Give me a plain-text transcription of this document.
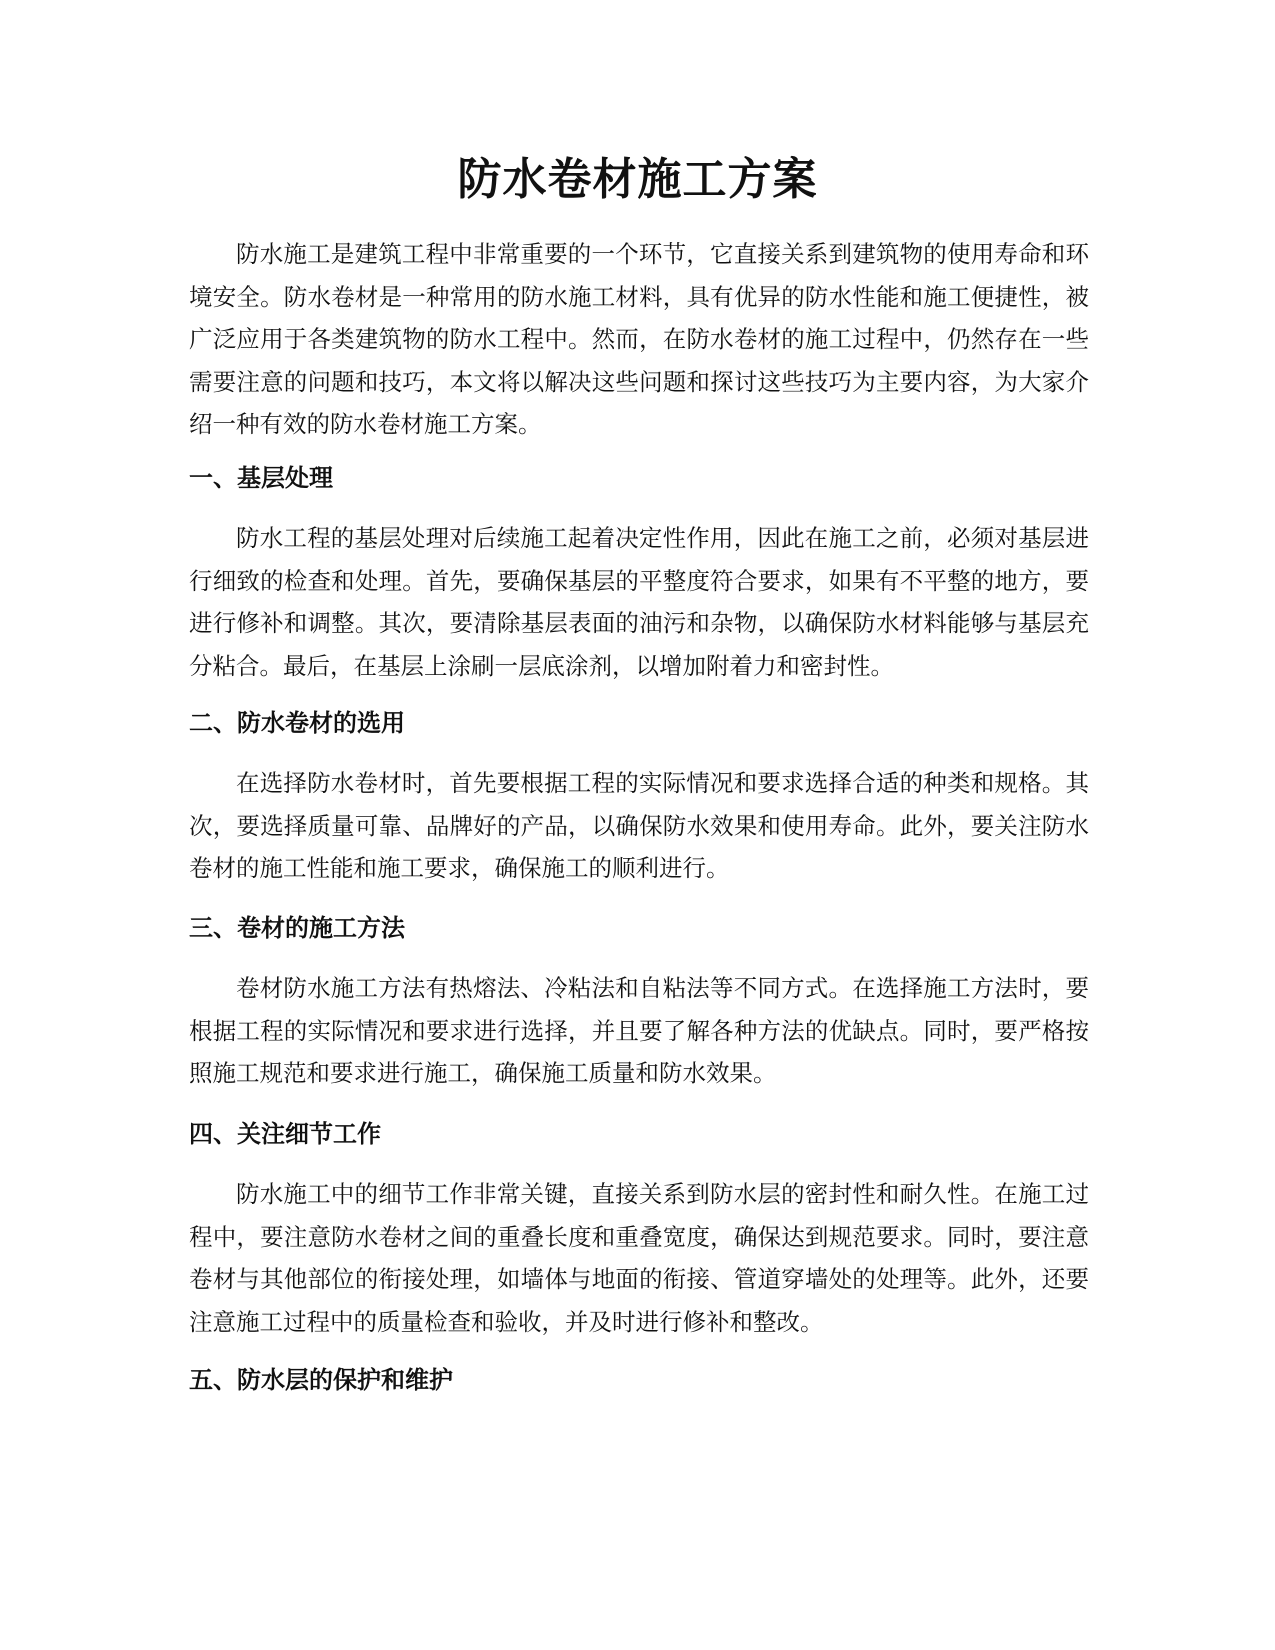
防水卷材施工方案

防水施工是建筑工程中非常重要的一个环节，它直接关系到建筑物的使用寿命和环境安全。防水卷材是一种常用的防水施工材料，具有优异的防水性能和施工便捷性，被广泛应用于各类建筑物的防水工程中。然而，在防水卷材的施工过程中，仍然存在一些需要注意的问题和技巧，本文将以解决这些问题和探讨这些技巧为主要内容，为大家介绍一种有效的防水卷材施工方案。

一、基层处理

防水工程的基层处理对后续施工起着决定性作用，因此在施工之前，必须对基层进行细致的检查和处理。首先，要确保基层的平整度符合要求，如果有不平整的地方，要进行修补和调整。其次，要清除基层表面的油污和杂物，以确保防水材料能够与基层充分粘合。最后，在基层上涂刷一层底涂剂，以增加附着力和密封性。

二、防水卷材的选用

在选择防水卷材时，首先要根据工程的实际情况和要求选择合适的种类和规格。其次，要选择质量可靠、品牌好的产品，以确保防水效果和使用寿命。此外，要关注防水卷材的施工性能和施工要求，确保施工的顺利进行。

三、卷材的施工方法

卷材防水施工方法有热熔法、冷粘法和自粘法等不同方式。在选择施工方法时，要根据工程的实际情况和要求进行选择，并且要了解各种方法的优缺点。同时，要严格按照施工规范和要求进行施工，确保施工质量和防水效果。

四、关注细节工作

防水施工中的细节工作非常关键，直接关系到防水层的密封性和耐久性。在施工过程中，要注意防水卷材之间的重叠长度和重叠宽度，确保达到规范要求。同时，要注意卷材与其他部位的衔接处理，如墙体与地面的衔接、管道穿墙处的处理等。此外，还要注意施工过程中的质量检查和验收，并及时进行修补和整改。

五、防水层的保护和维护
